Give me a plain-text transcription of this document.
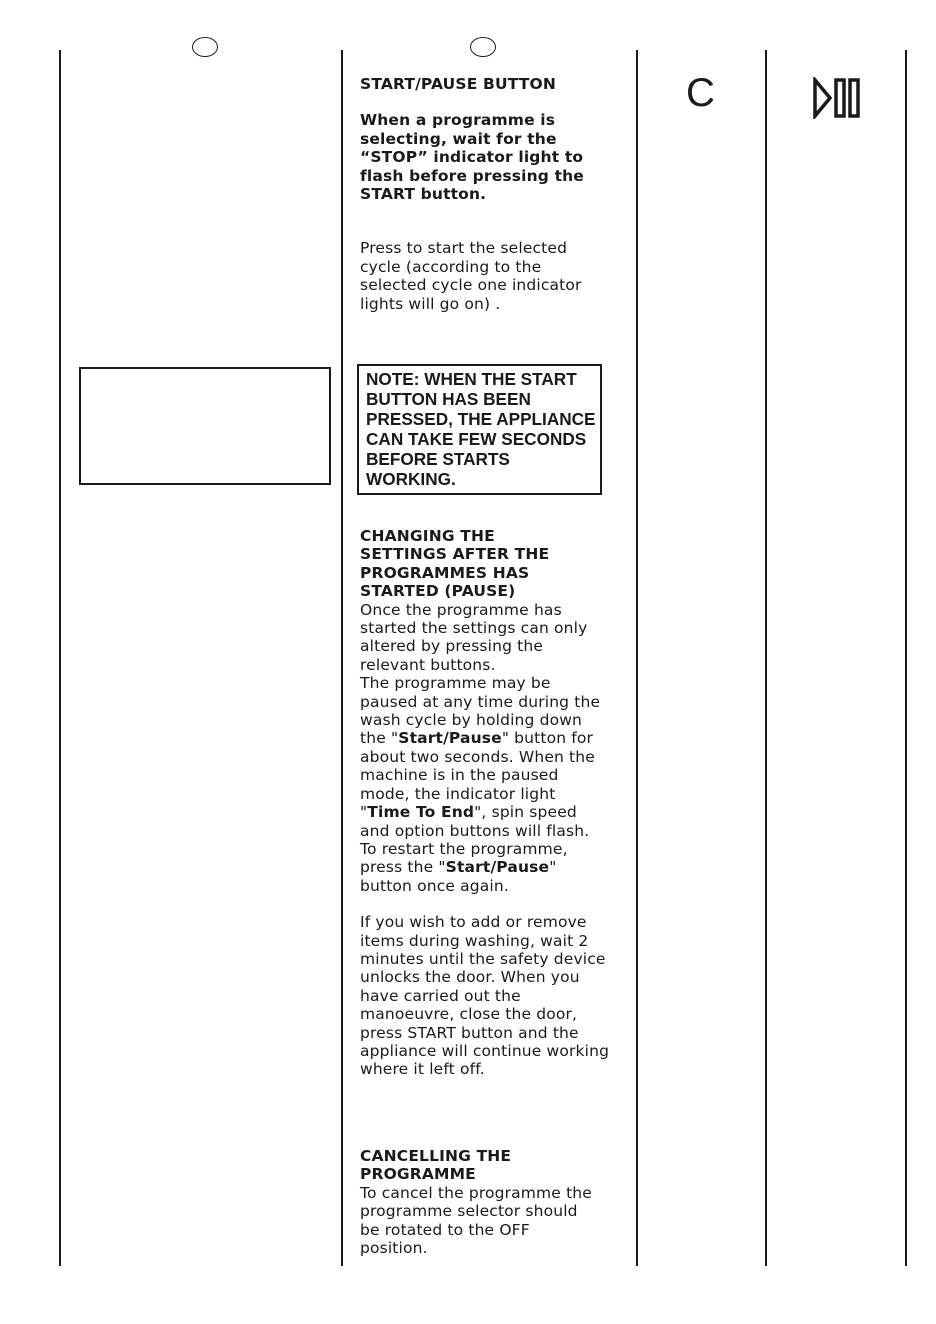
START/PAUSE BUTTON

When a programme is selecting, wait for the “STOP” indicator light to flash before pressing the START button.

Press to start the selected cycle (according to the selected cycle one indicator lights will go on) .

NOTE: WHEN THE START
BUTTON HAS BEEN
PRESSED, THE APPLIANCE
CAN TAKE FEW SECONDS
BEFORE STARTS
WORKING.

CHANGING THE SETTINGS AFTER THE PROGRAMMES HAS STARTED (PAUSE)

Once the programme has started the settings can only altered by pressing the relevant buttons.

The programme may be paused at any time during the wash cycle by holding down the "Start/Pause" button for about two seconds. When the machine is in the paused mode, the indicator light "Time To End", spin speed and option buttons will flash.

To restart the programme, press the "Start/Pause" button once again.

If you wish to add or remove items during washing, wait 2 minutes until the safety device unlocks the door. When you have carried out the manoeuvre, close the door, press START button and the appliance will continue working where it left off.

CANCELLING THE PROGRAMME

To cancel the programme the programme selector should be rotated to the OFF position.

C
